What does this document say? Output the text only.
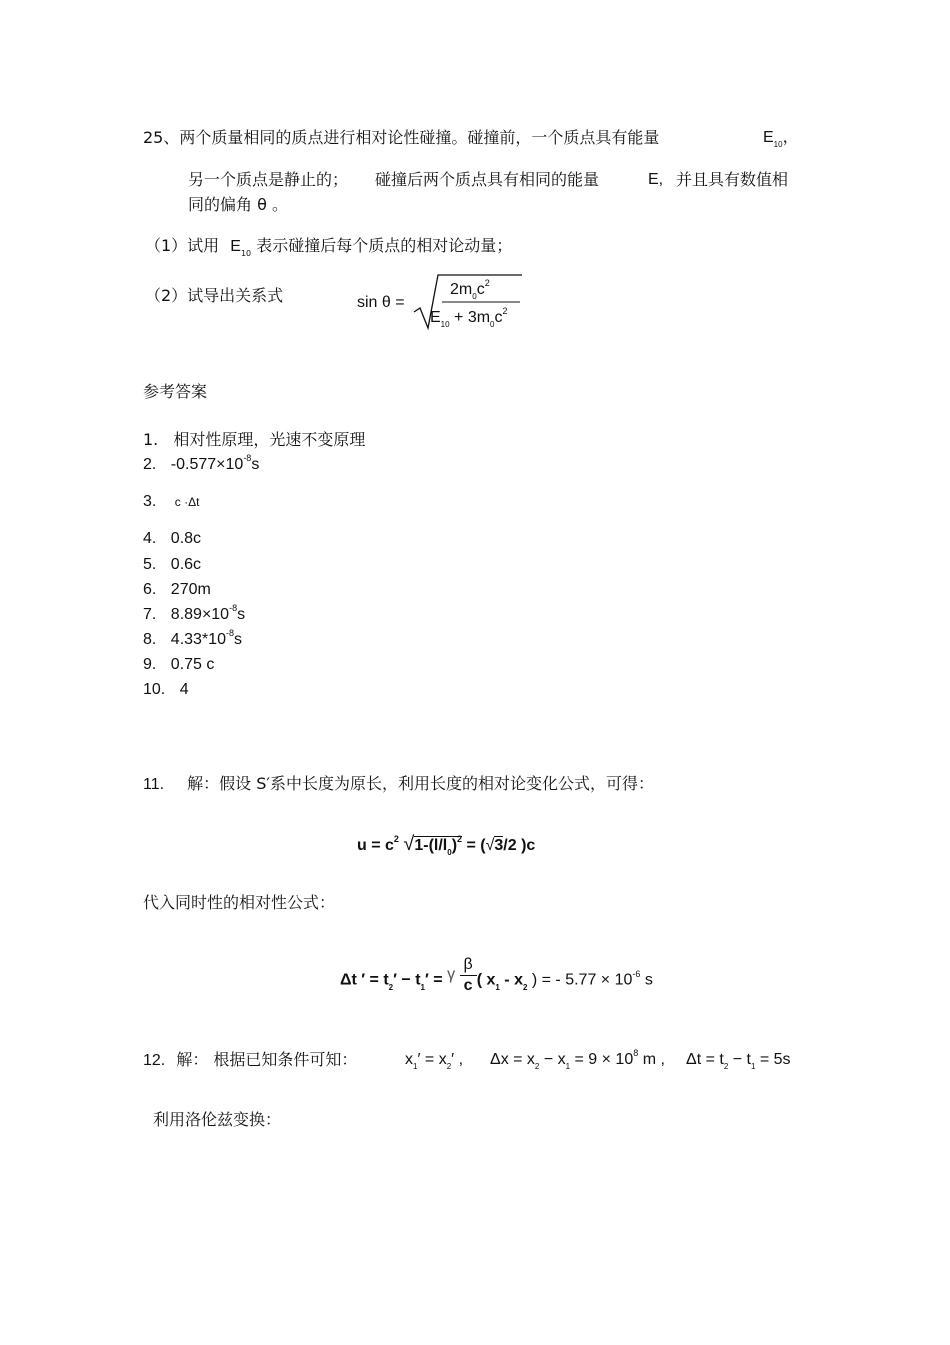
25、两个质量相同的质点进行相对论性碰撞。碰撞前，一个质点具有能量	$E_{10}$，
另一个质点是静止的； 碰撞后两个质点具有相同的能量	E, 并且具有数值相
同的偏角 θ 。
（1）试用 $E_{10}$ 表示碰撞后每个质点的相对论动量；
（2）试导出关系式	sin θ =
$2m_0c^2$
$E_{10} + 3m_0c^2$
参考答案
1. 相对性原理，光速不变原理
2. $-0.577\times 10^{-8}s$
3. c ·Δt
4. 0.8c
5. 0.6c
6. 270m
7. $8.89\times 10^{-8}s$
8. $4.33*10^{-8}s$
9. 0.75 c
10. 4
11. 解：假设 S′系中长度为原长，利用长度的相对论变化公式，可得：
$u = c^2$ $√1-(l/l_0)^2 = (√3/2$ )c
代入同时性的相对性公式：
Δt ′ = $t_2' - t_1' = \gamma \frac{\beta}{c}$ ( $x_1 - x_2$ ) = - $5.77 \times 10^{-6}$ s
12. 解： 根据已知条件可知：	$x_1' = x_2'$ , $\Delta x = x_2 - x_1 = 9 \times 10^8$ m , $\Delta t = t_2 - t_1 = 5s$
利用洛伦兹变换：
